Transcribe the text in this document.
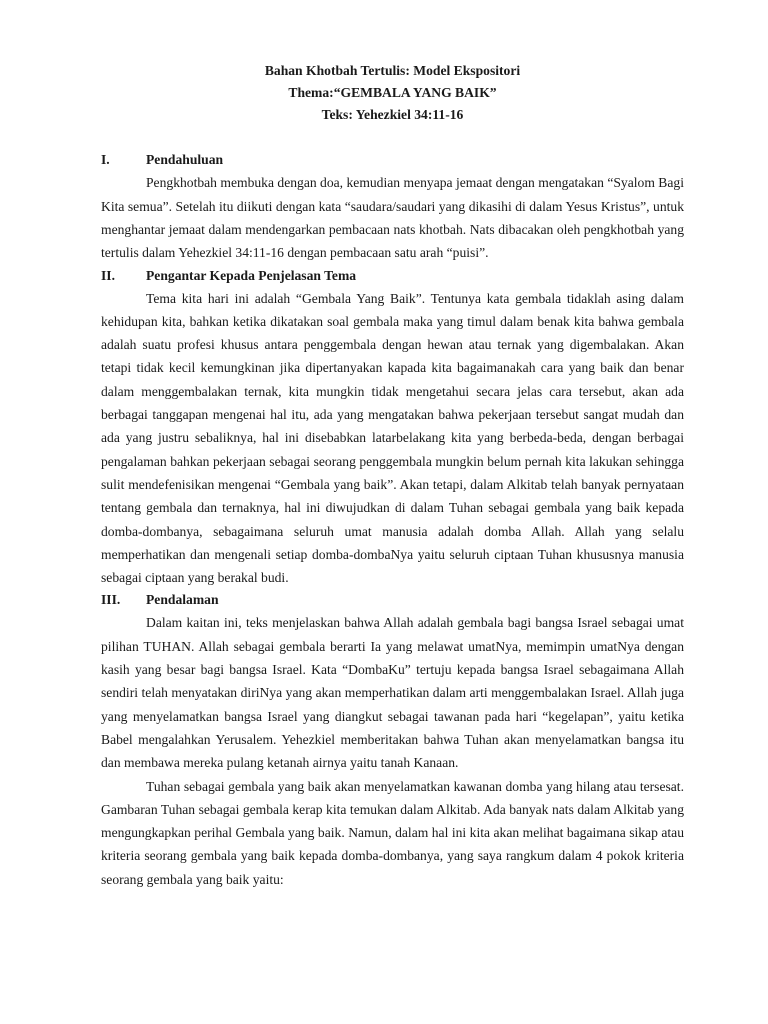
Bahan Khotbah Tertulis: Model Ekspositori
Thema:“GEMBALA YANG BAIK”
Teks: Yehezkiel 34:11-16
I.	Pendahuluan

Pengkhotbah membuka dengan doa, kemudian menyapa jemaat dengan mengatakan “Syalom Bagi Kita semua”. Setelah itu diikuti dengan kata “saudara/saudari yang dikasihi di dalam Yesus Kristus”, untuk menghantar jemaat dalam mendengarkan pembacaan nats khotbah. Nats dibacakan oleh pengkhotbah yang tertulis dalam Yehezkiel 34:11-16 dengan pembacaan satu arah “puisi”.

II.	Pengantar Kepada Penjelasan Tema

Tema kita hari ini adalah “Gembala Yang Baik”. Tentunya kata gembala tidaklah asing dalam kehidupan kita, bahkan ketika dikatakan soal gembala maka yang timul dalam benak kita bahwa gembala adalah suatu profesi khusus antara penggembala dengan hewan atau ternak yang digembalakan. Akan tetapi tidak kecil kemungkinan jika dipertanyakan kapada kita bagaimanakah cara yang baik dan benar dalam menggembalakan ternak, kita mungkin tidak mengetahui secara jelas cara tersebut, akan ada berbagai tanggapan mengenai hal itu, ada yang mengatakan bahwa pekerjaan tersebut sangat mudah dan ada yang justru sebaliknya, hal ini disebabkan latarbelakang kita yang berbeda-beda, dengan berbagai pengalaman bahkan pekerjaan sebagai seorang penggembala mungkin belum pernah kita lakukan sehingga sulit mendefenisikan mengenai “Gembala yang baik”. Akan tetapi, dalam Alkitab telah banyak pernyataan tentang gembala dan ternaknya, hal ini diwujudkan di dalam Tuhan sebagai gembala yang baik kepada domba-dombanya, sebagaimana seluruh umat manusia adalah domba Allah. Allah yang selalu memperhatikan dan mengenali setiap domba-dombaNya yaitu seluruh ciptaan Tuhan khususnya manusia sebagai ciptaan yang berakal budi.

III.	Pendalaman

Dalam kaitan ini, teks menjelaskan bahwa Allah adalah gembala bagi bangsa Israel sebagai umat pilihan TUHAN. Allah sebagai gembala berarti Ia yang melawat umatNya, memimpin umatNya dengan kasih yang besar bagi bangsa Israel. Kata “DombaKu” tertuju kepada bangsa Israel sebagaimana Allah sendiri telah menyatakan diriNya yang akan memperhatikan dalam arti menggembalakan Israel. Allah juga yang menyelamatkan bangsa Israel yang diangkut sebagai tawanan pada hari “kegelapan”, yaitu ketika Babel mengalahkan Yerusalem. Yehezkiel memberitakan bahwa Tuhan akan menyelamatkan bangsa itu dan membawa mereka pulang ketanah airnya yaitu tanah Kanaan.

Tuhan sebagai gembala yang baik akan menyelamatkan kawanan domba yang hilang atau tersesat. Gambaran Tuhan sebagai gembala kerap kita temukan dalam Alkitab. Ada banyak nats dalam Alkitab yang mengungkapkan perihal Gembala yang baik. Namun, dalam hal ini kita akan melihat bagaimana sikap atau kriteria seorang gembala yang baik kepada domba-dombanya, yang saya rangkum dalam 4 pokok kriteria seorang gembala yang baik yaitu:
